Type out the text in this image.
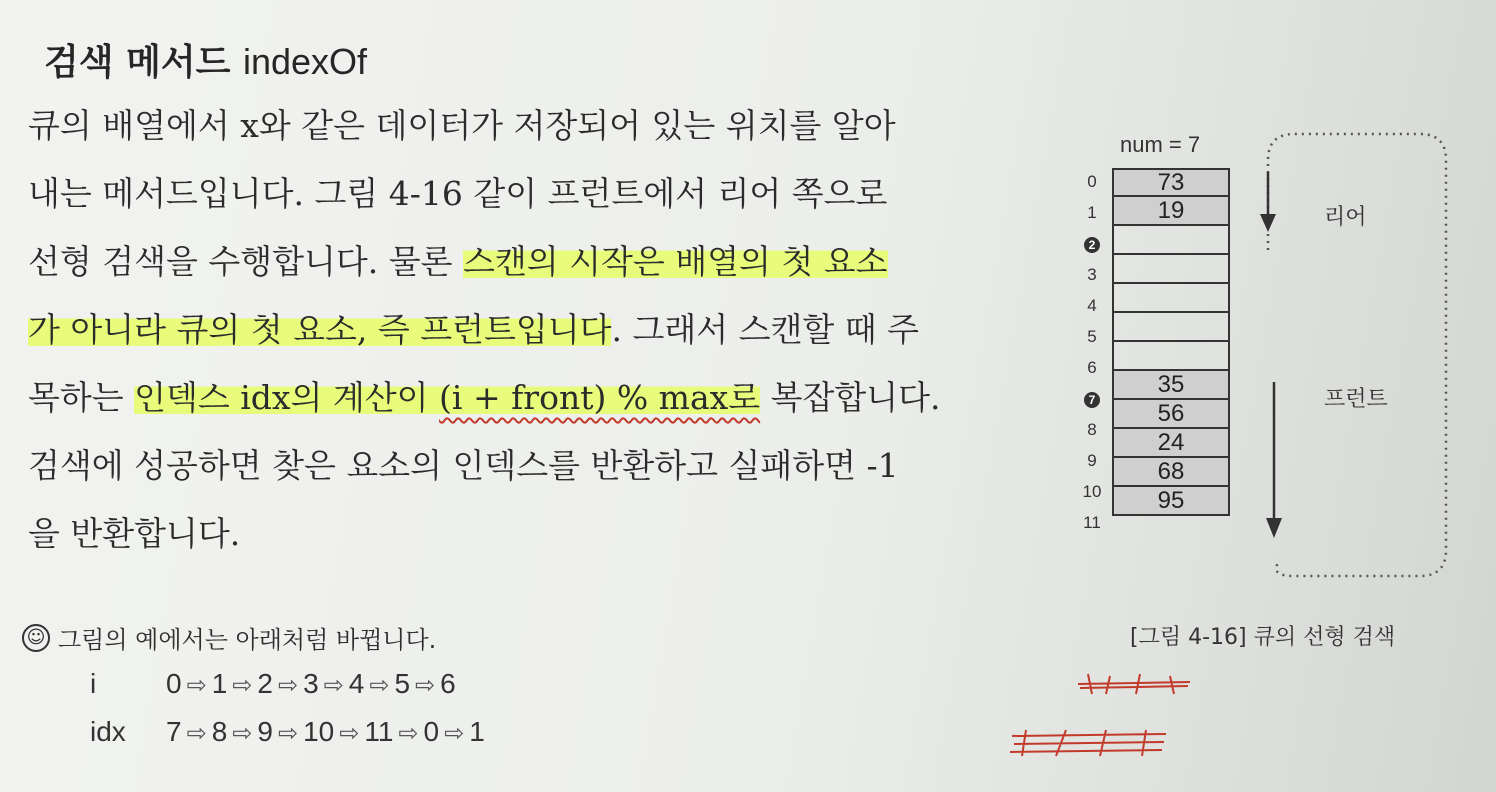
검색 메서드 indexOf
큐의 배열에서 x와 같은 데이터가 저장되어 있는 위치를 알아
내는 메서드입니다. 그림 4-16 같이 프런트에서 리어 쪽으로
선형 검색을 수행합니다. 물론 스캔의 시작은 배열의 첫 요소
가 아니라 큐의 첫 요소, 즉 프런트입니다. 그래서 스캔할 때 주
목하는 인덱스 idx의 계산이 (i + front) % max로 복잡합니다.
검색에 성공하면 찾은 요소의 인덱스를 반환하고 실패하면 -1
을 반환합니다.
☺ 그림의 예에서는 아래처럼 바뀝니다.
i 0 ⇨ 1 ⇨ 2 ⇨ 3 ⇨ 4 ⇨ 5 ⇨ 6
idx 7 ⇨ 8 ⇨ 9 ⇨ 10 ⇨ 11 ⇨ 0 ⇨ 1
num = 7
73
19
35
56
24
68
95
0
1
2
3
4
5
6
7
8
9
10
11
리어
프런트
[그림 4-16] 큐의 선형 검색
